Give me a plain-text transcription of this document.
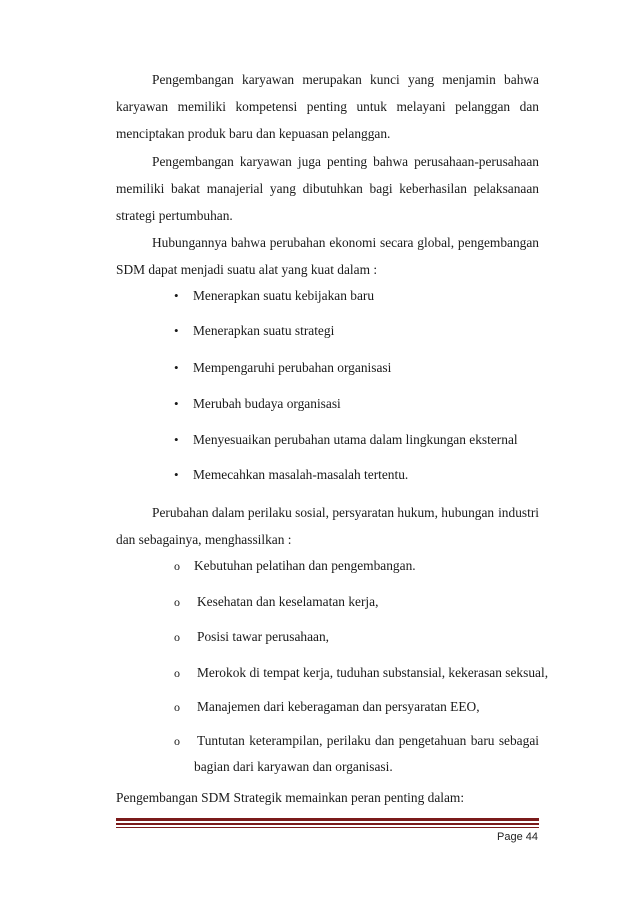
Pengembangan karyawan merupakan kunci yang menjamin bahwa
karyawan memiliki kompetensi penting untuk melayani pelanggan dan
menciptakan produk baru dan kepuasan pelanggan.
Pengembangan karyawan juga penting bahwa perusahaan-perusahaan
memiliki bakat manajerial yang dibutuhkan bagi keberhasilan pelaksanaan
strategi pertumbuhan.
Hubungannya bahwa perubahan ekonomi secara global, pengembangan
SDM dapat menjadi suatu alat yang kuat dalam :
•	Menerapkan suatu kebijakan baru
•	Menerapkan suatu strategi
•	Mempengaruhi perubahan organisasi
•	Merubah budaya organisasi
•	Menyesuaikan perubahan utama dalam lingkungan eksternal
•	Memecahkan masalah-masalah tertentu.
Perubahan dalam perilaku sosial, persyaratan hukum, hubungan industri
dan sebagainya, menghassilkan :
o Kebutuhan pelatihan dan pengembangan.
o Kesehatan dan keselamatan kerja,
o Posisi tawar perusahaan,
o Merokok di tempat kerja, tuduhan substansial, kekerasan seksual,
o Manajemen dari keberagaman dan persyaratan EEO,
o Tuntutan keterampilan, perilaku dan pengetahuan baru sebagai
bagian dari karyawan dan organisasi.
Pengembangan SDM Strategik memainkan peran penting dalam:
Page 44
